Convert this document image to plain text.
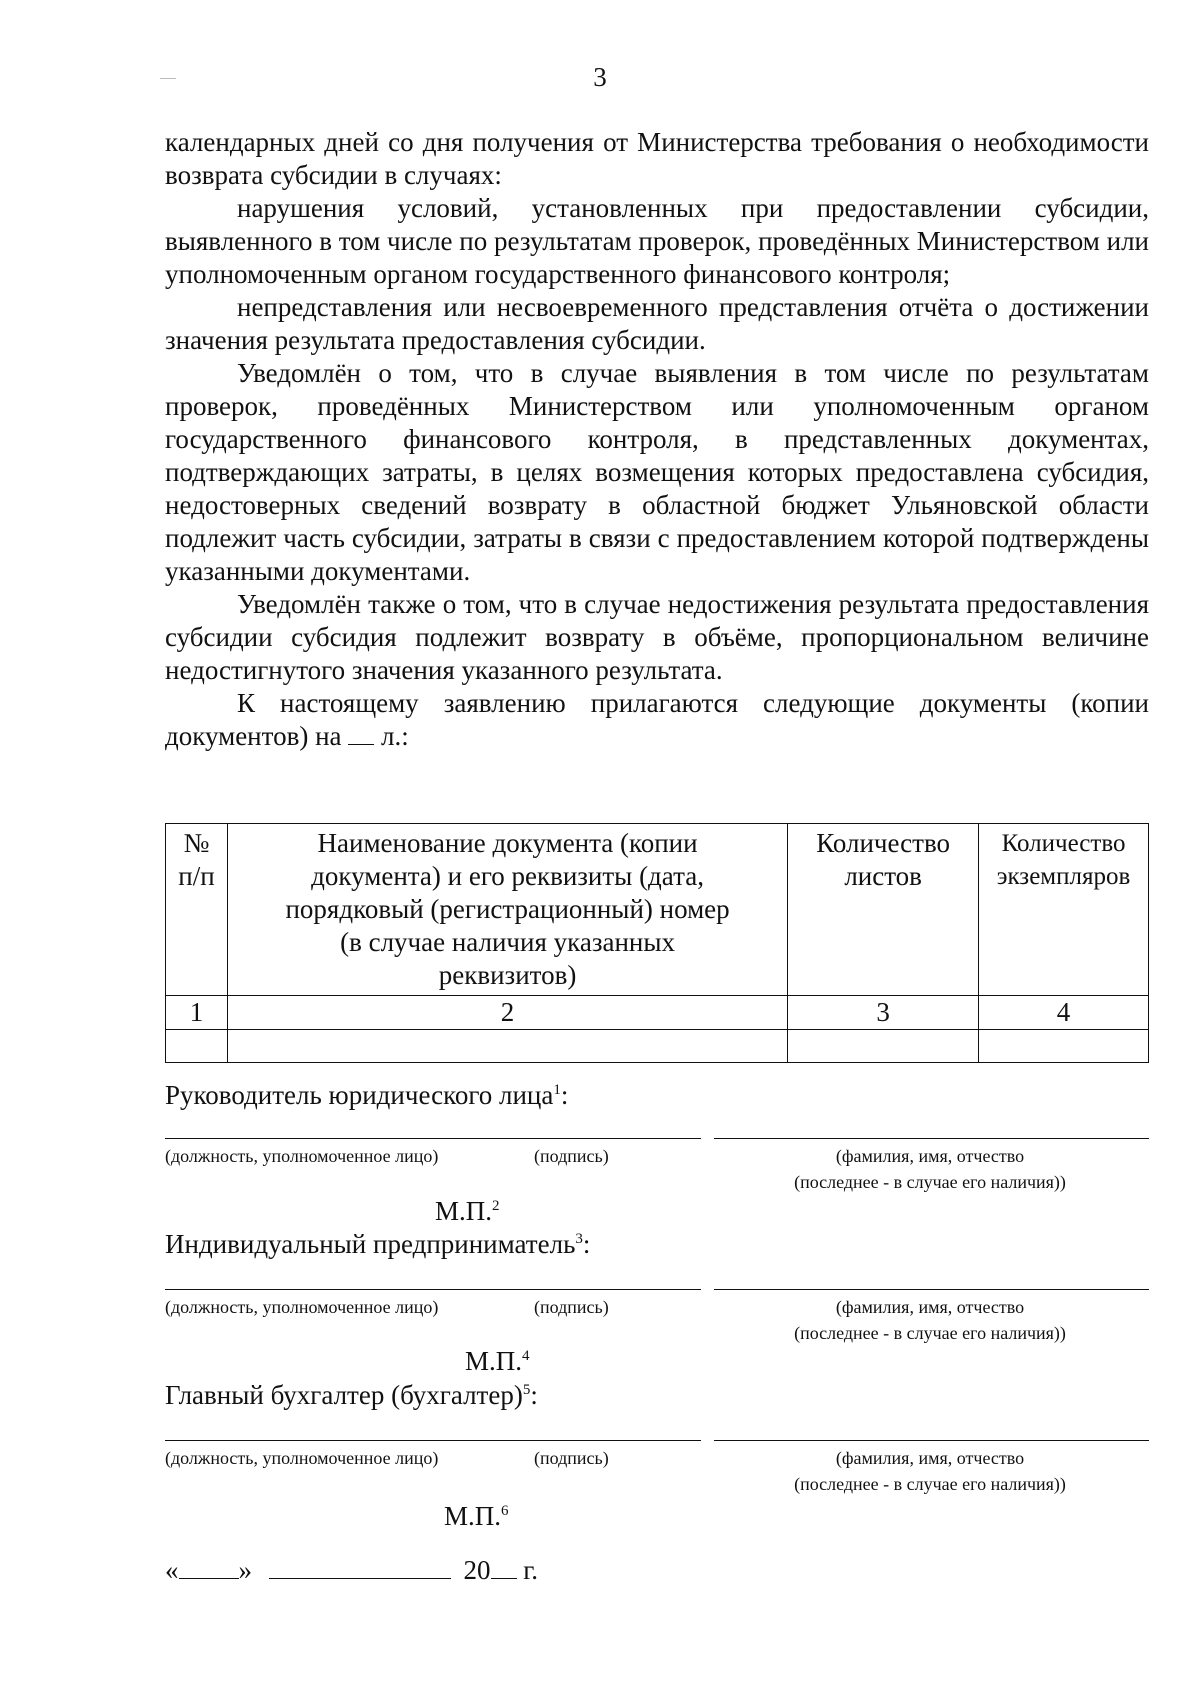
3

календарных дней со дня получения от Министерства требования о необходимости возврата субсидии в случаях:

нарушения условий, установленных при предоставлении субсидии, выявленного в том числе по результатам проверок, проведённых Министерством или уполномоченным органом государственного финансового контроля;

непредставления или несвоевременного представления отчёта о достижении значения результата предоставления субсидии.

Уведомлён о том, что в случае выявления в том числе по результатам проверок, проведённых Министерством или уполномоченным органом государственного финансового контроля, в представленных документах, подтверждающих затраты, в целях возмещения которых предоставлена субсидия, недостоверных сведений возврату в областной бюджет Ульяновской области подлежит часть субсидии, затраты в связи с предоставлением которой подтверждены указанными документами.

Уведомлён также о том, что в случае недостижения результата предоставления субсидии субсидия подлежит возврату в объёме, пропорциональном величине недостигнутого значения указанного результата.

К настоящему заявлению прилагаются следующие документы (копии документов) на л.:

№ п/п	Наименование документа (копии документа) и его реквизиты (дата, порядковый (регистрационный) номер (в случае наличия указанных реквизитов)	Количество листов	Количество экземпляров
1	2	3	4

Руководитель юридического лица$^1$:
(должность, уполномоченное лицо)	(подпись)	(фамилия, имя, отчество
(последнее - в случае его наличия))
М.П.$^2$
Индивидуальный предприниматель$^3$:
(должность, уполномоченное лицо)	(подпись)	(фамилия, имя, отчество
(последнее - в случае его наличия))
М.П.$^4$
Главный бухгалтер (бухгалтер)$^5$:
(должность, уполномоченное лицо)	(подпись)	(фамилия, имя, отчество
(последнее - в случае его наличия))
М.П.$^6$
« »	20 г.
